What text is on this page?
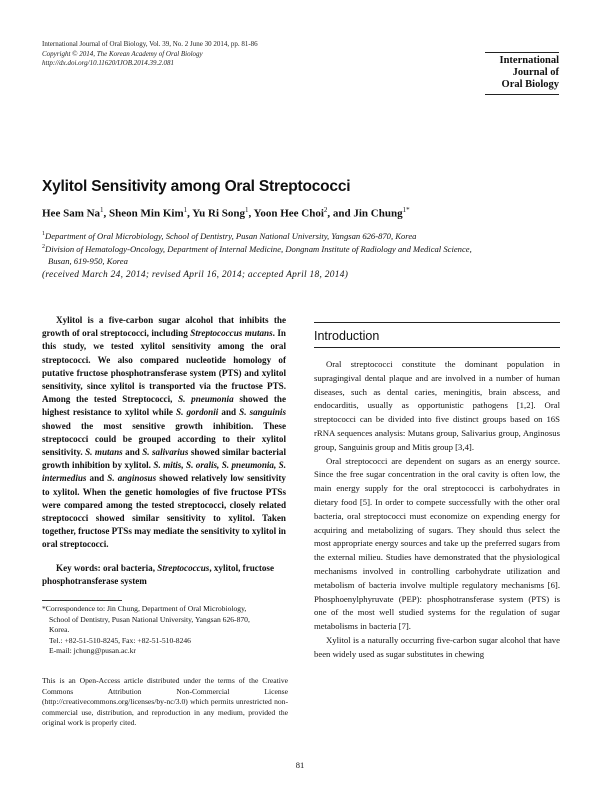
International Journal of Oral Biology, Vol. 39, No. 2 June 30 2014, pp. 81-86
Copyright © 2014, The Korean Academy of Oral Biology
http://dx.doi.org/10.11620/IJOB.2014.39.2.081	International
Journal of
Oral Biology
Xylitol Sensitivity among Oral Streptococci
Hee Sam Na$^1$, Sheon Min Kim$^1$, Yu Ri Song$^1$, Yoon Hee Choi$^2$, and Jin Chung$^{1*}$
$^1$Department of Oral Microbiology, School of Dentistry, Pusan National University, Yangsan 626-870, Korea
$^2$Division of Hematology-Oncology, Department of Internal Medicine, Dongnam Institute of Radiology and Medical Science,
Busan, 619-950, Korea
(received March 24, 2014; revised April 16, 2014; accepted April 18, 2014)
Xylitol is a five-carbon sugar alcohol that inhibits the growth of oral streptococci, including Streptococcus mutans. In this study, we tested xylitol sensitivity among the oral streptococci. We also compared nucleotide homology of putative fructose phosphotransferase system (PTS) and xylitol sensitivity, since xylitol is transported via the fructose PTS. Among the tested Streptococci, S. pneumonia showed the highest resistance to xylitol while S. gordonii and S. sanguinis showed the most sensitive growth inhibition. These streptococci could be grouped according to their xylitol sensitivity. S. mutans and S. salivarius showed similar bacterial growth inhibition by xylitol. S. mitis, S. oralis, S. pneumonia, S. intermedius and S. anginosus showed relatively low sensitivity to xylitol. When the genetic homologies of five fructose PTSs were compared among the tested streptococci, closely related streptococci showed similar sensitivity to xylitol. Taken together, fructose PTSs may mediate the sensitivity to xylitol in oral streptococci.
Key words: oral bacteria, Streptococcus, xylitol, fructose phosphotransferase system
*Correspondence to: Jin Chung, Department of Oral Microbiology,
School of Dentistry, Pusan National University, Yangsan 626-870,
Korea.
Tel.: +82-51-510-8245, Fax: +82-51-510-8246
E-mail: jchung@pusan.ac.kr
This is an Open-Access article distributed under the terms of the Creative Commons Attribution Non-Commercial License (http://creativecommons.org/licenses/by-nc/3.0) which permits unrestricted non-commercial use, distribution, and reproduction in any medium, provided the original work is properly cited.
Introduction

Oral streptococci constitute the dominant population in supragingival dental plaque and are involved in a number of human diseases, such as dental caries, meningitis, brain abscess, and endocarditis, usually as opportunistic pathogens [1,2]. Oral streptococci can be divided into five distinct groups based on 16S rRNA sequences analysis: Mutans group, Salivarius group, Anginosus group, Sanguinis group and Mitis group [3,4].

Oral streptococci are dependent on sugars as an energy source. Since the free sugar concentration in the oral cavity is often low, the main energy supply for the oral streptococci is carbohydrates in dietary food [5]. In order to compete successfully with the other oral bacteria, oral streptococci must economize on expending energy for acquiring and metabolizing of sugars. They should thus select the most appropriate energy sources and take up the preferred sugars from the external milieu. Studies have demonstrated that the physiological mechanisms involved in controlling carbohydrate utilization and metabolism of bacteria involve multiple regulatory mechanisms [6]. Phosphoenylphyruvate (PEP): phosphotransferase system (PTS) is one of the most well studied systems for the regulation of sugar metabolisms in bacteria [7].

Xylitol is a naturally occurring five-carbon sugar alcohol that have been widely used as sugar substitutes in chewing

81
